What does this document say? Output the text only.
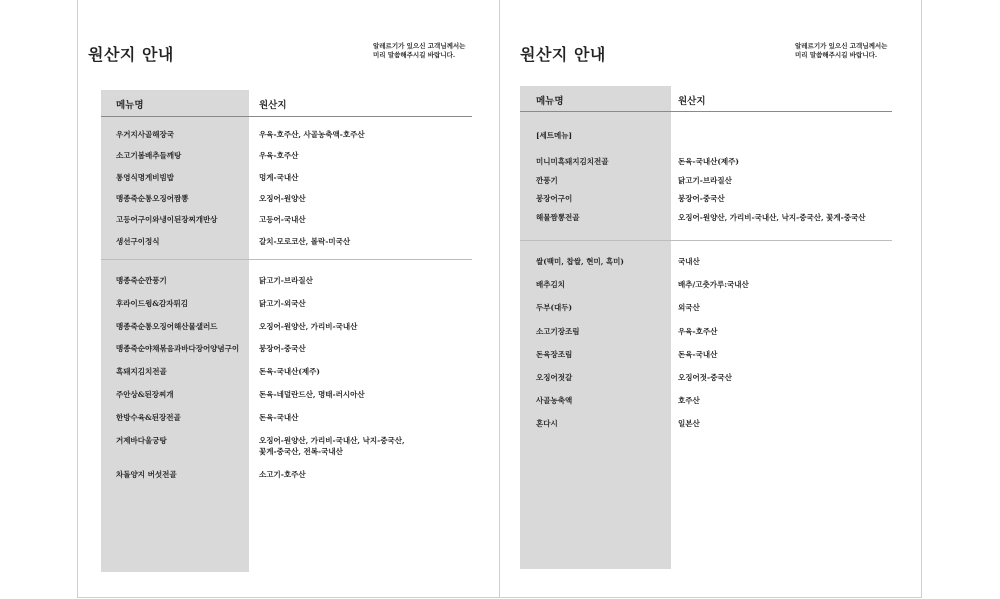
원산지 안내	알레르기가 있으신 고객님께서는
미리 말씀해주시길 바랍니다.
메뉴명	원산지
우거지사골해장국	우육-호주산, 사골농축액-호주산
소고기봄배추들깨탕	우육-호주산
통영식명게비빔밥	멍게-국내산
맹종죽순통오징어짬뽕	오징어-원양산
고등어구이와냉이된장찌개반상	고등어-국내산
생선구이정식	갈치-모로코산, 볼락-미국산
맹종죽순깐풍기	닭고기-브라질산
후라이드윙&감자튀김	닭고기-외국산
맹종죽순통오징어해산물샐러드	오징어-원양산, 가리비-국내산
맹종죽순야채볶음과바다장어양념구이	붕장어-중국산
흑돼지김치전골	돈육-국내산(제주)
주안상&된장찌개	돈육-네덜란드산, 명태-러시아산
한방수육&된장전골	돈육-국내산
거제바다울궁탕	오징어-원양산, 가리비-국내산, 낙지-중국산,
꽃게-중국산, 전복-국내산
차돌양지 버섯전골	소고기-호주산
원산지 안내	알레르기가 있으신 고객님께서는
미리 말씀해주시길 바랍니다.
메뉴명	원산지
[세트메뉴]
미니미흑돼지김치전골	돈육-국내산(제주)
깐풍기	닭고기-브라질산
붕장어구이	붕장어-중국산
해물짬뽕전골	오징어-원양산, 가리비-국내산, 낙지-중국산, 꽃게-중국산
쌀(백미, 찹쌀, 현미, 흑미)	국내산
배추김치	배추/고춧가루:국내산
두부(대두)	외국산
소고기장조림	우육-호주산
돈육장조림	돈육-국내산
오징어젓갈	오징어젓-중국산
사골농축액	호주산
혼다시	일본산
